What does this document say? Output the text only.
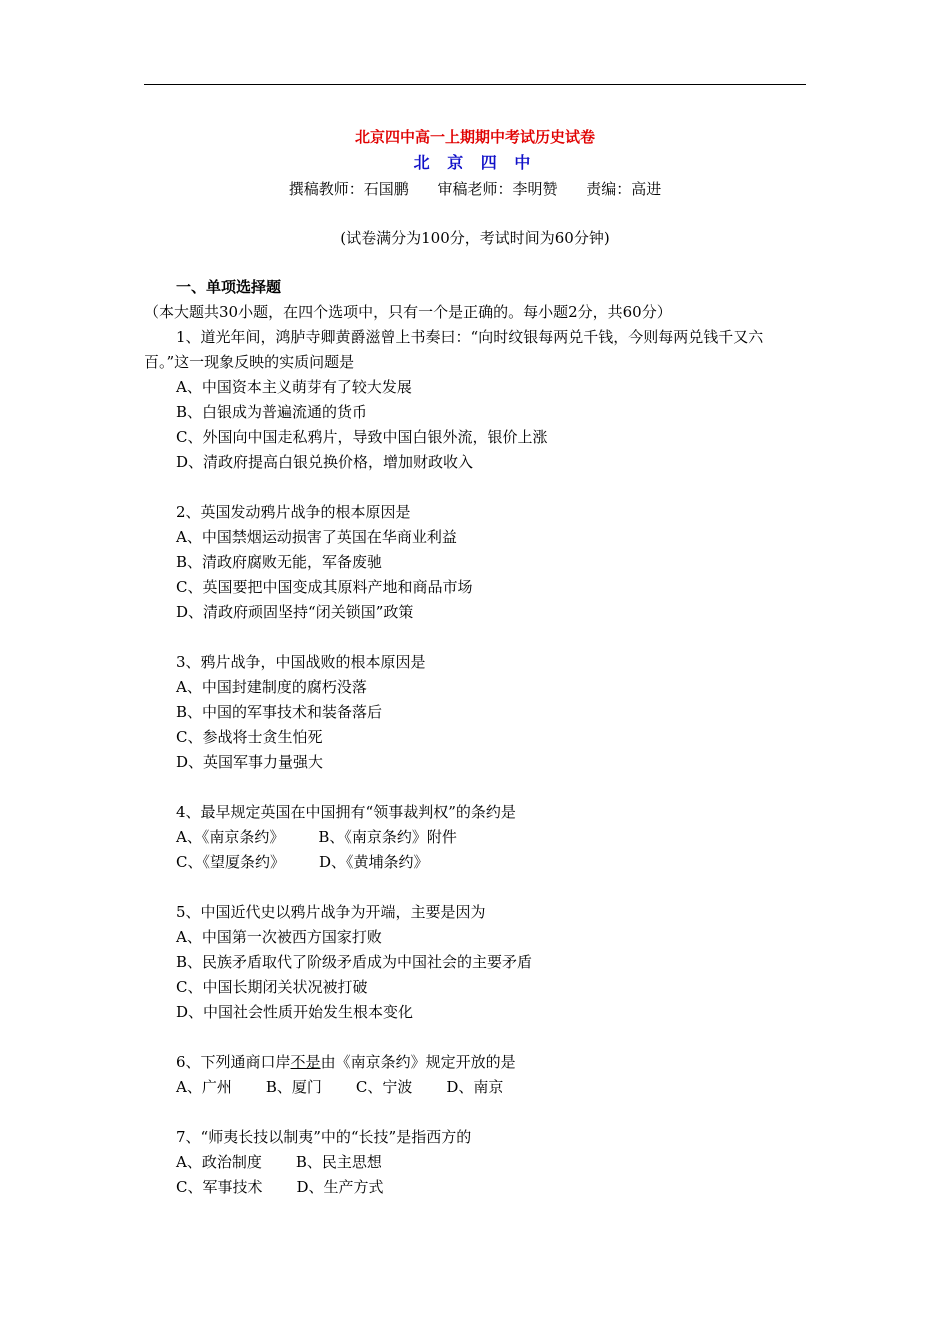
北京四中高一上期期中考试历史试卷
北 京 四 中
撰稿教师：石国鹏 审稿老师：李明赞 责编：高进
(试卷满分为100分，考试时间为60分钟)
一、单项选择题（本大题共30小题，在四个选项中，只有一个是正确的。每小题2分，共60分）
1、道光年间，鸿胪寺卿黄爵滋曾上书奏曰：“向时纹银每两兑千钱，今则每两兑钱千又六百。”这一现象反映的实质问题是
A、中国资本主义萌芽有了较大发展
B、白银成为普遍流通的货币
C、外国向中国走私鸦片，导致中国白银外流，银价上涨
D、清政府提高白银兑换价格，增加财政收入
2、英国发动鸦片战争的根本原因是
A、中国禁烟运动损害了英国在华商业利益
B、清政府腐败无能，军备废驰
C、英国要把中国变成其原料产地和商品市场
D、清政府顽固坚持“闭关锁国”政策
3、鸦片战争，中国战败的根本原因是
A、中国封建制度的腐朽没落
B、中国的军事技术和装备落后
C、参战将士贪生怕死
D、英国军事力量强大
4、最早规定英国在中国拥有“领事裁判权”的条约是
A、《南京条约》 B、《南京条约》附件
C、《望厦条约》 D、《黄埔条约》
5、中国近代史以鸦片战争为开端，主要是因为
A、中国第一次被西方国家打败
B、民族矛盾取代了阶级矛盾成为中国社会的主要矛盾
C、中国长期闭关状况被打破
D、中国社会性质开始发生根本变化
6、下列通商口岸不是由《南京条约》规定开放的是
A、广州 B、厦门 C、宁波 D、南京
7、“师夷长技以制夷”中的“长技”是指西方的
A、政治制度 B、民主思想
C、军事技术 D、生产方式
